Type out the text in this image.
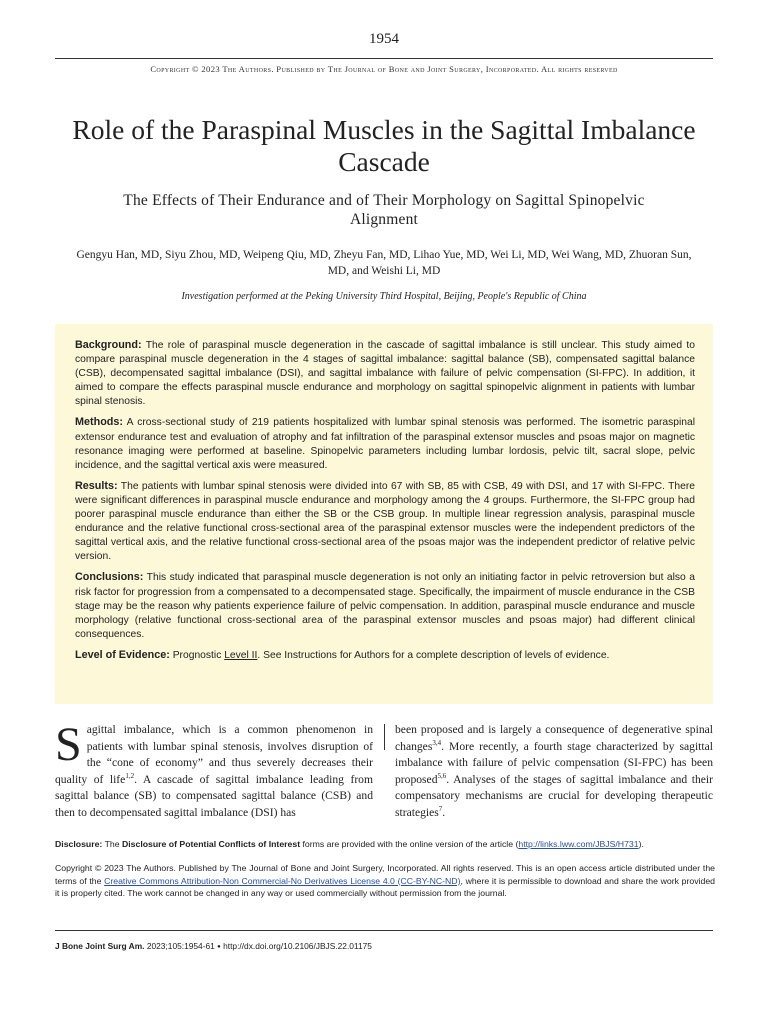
1954
Copyright © 2023 The Authors. Published by The Journal of Bone and Joint Surgery, Incorporated. All rights reserved
Role of the Paraspinal Muscles in the Sagittal Imbalance Cascade
The Effects of Their Endurance and of Their Morphology on Sagittal Spinopelvic Alignment
Gengyu Han, MD, Siyu Zhou, MD, Weipeng Qiu, MD, Zheyu Fan, MD, Lihao Yue, MD, Wei Li, MD, Wei Wang, MD, Zhuoran Sun, MD, and Weishi Li, MD
Investigation performed at the Peking University Third Hospital, Beijing, People's Republic of China

Background: The role of paraspinal muscle degeneration in the cascade of sagittal imbalance is still unclear. This study aimed to compare paraspinal muscle degeneration in the 4 stages of sagittal imbalance: sagittal balance (SB), compensated sagittal balance (CSB), decompensated sagittal imbalance (DSI), and sagittal imbalance with failure of pelvic compensation (SI-FPC). In addition, it aimed to compare the effects paraspinal muscle endurance and morphology on sagittal spinopelvic alignment in patients with lumbar spinal stenosis.

Methods: A cross-sectional study of 219 patients hospitalized with lumbar spinal stenosis was performed. The isometric paraspinal extensor endurance test and evaluation of atrophy and fat infiltration of the paraspinal extensor muscles and psoas major on magnetic resonance imaging were performed at baseline. Spinopelvic parameters including lumbar lordosis, pelvic tilt, sacral slope, pelvic incidence, and the sagittal vertical axis were measured.

Results: The patients with lumbar spinal stenosis were divided into 67 with SB, 85 with CSB, 49 with DSI, and 17 with SI-FPC. There were significant differences in paraspinal muscle endurance and morphology among the 4 groups. Furthermore, the SI-FPC group had poorer paraspinal muscle endurance than either the SB or the CSB group. In multiple linear regression analysis, paraspinal muscle endurance and the relative functional cross-sectional area of the paraspinal extensor muscles were the independent predictors of the sagittal vertical axis, and the relative functional cross-sectional area of the psoas major was the independent predictor of relative pelvic version.

Conclusions: This study indicated that paraspinal muscle degeneration is not only an initiating factor in pelvic retroversion but also a risk factor for progression from a compensated to a decompensated stage. Specifically, the impairment of muscle endurance in the CSB stage may be the reason why patients experience failure of pelvic compensation. In addition, paraspinal muscle endurance and muscle morphology (relative functional cross-sectional area of the paraspinal extensor muscles and psoas major) had different clinical consequences.

Level of Evidence: Prognostic Level II. See Instructions for Authors for a complete description of levels of evidence.

Sagittal imbalance, which is a common phenomenon in patients with lumbar spinal stenosis, involves disruption of the “cone of economy” and thus severely decreases their quality of life$^{1,2}$. A cascade of sagittal imbalance leading from sagittal balance (SB) to compensated sagittal balance (CSB) and then to decompensated sagittal imbalance (DSI) has
been proposed and is largely a consequence of degenerative spinal changes$^{3,4}$. More recently, a fourth stage characterized by sagittal imbalance with failure of pelvic compensation (SI-FPC) has been proposed$^{5,6}$. Analyses of the stages of sagittal imbalance and their compensatory mechanisms are crucial for developing therapeutic strategies$^7$.
Disclosure: The Disclosure of Potential Conflicts of Interest forms are provided with the online version of the article (http://links.lww.com/JBJS/H731).
Copyright © 2023 The Authors. Published by The Journal of Bone and Joint Surgery, Incorporated. All rights reserved. This is an open access article distributed under the terms of the Creative Commons Attribution-Non Commercial-No Derivatives License 4.0 (CC-BY-NC-ND), where it is permissible to download and share the work provided it is properly cited. The work cannot be changed in any way or used commercially without permission from the journal.
J Bone Joint Surg Am. 2023;105:1954-61 ● http://dx.doi.org/10.2106/JBJS.22.01175
